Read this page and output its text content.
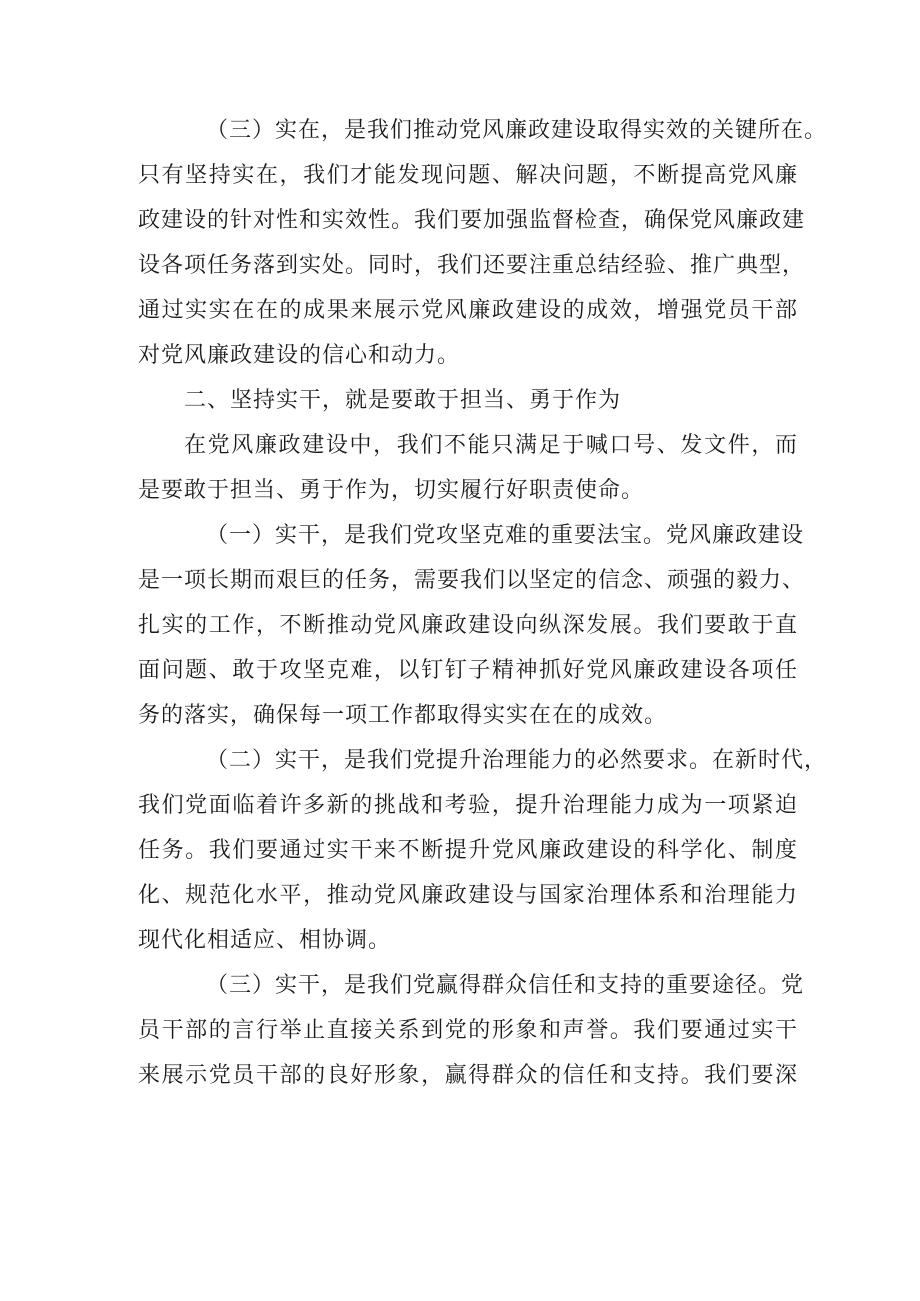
（三）实在，是我们推动党风廉政建设取得实效的关键所在。
只有坚持实在，我们才能发现问题、解决问题，不断提高党风廉
政建设的针对性和实效性。我们要加强监督检查，确保党风廉政建
设各项任务落到实处。同时，我们还要注重总结经验、推广典型，
通过实实在在的成果来展示党风廉政建设的成效，增强党员干部
对党风廉政建设的信心和动力。
二、坚持实干，就是要敢于担当、勇于作为
在党风廉政建设中，我们不能只满足于喊口号、发文件，而
是要敢于担当、勇于作为，切实履行好职责使命。
（一）实干，是我们党攻坚克难的重要法宝。党风廉政建设
是一项长期而艰巨的任务，需要我们以坚定的信念、顽强的毅力、
扎实的工作，不断推动党风廉政建设向纵深发展。我们要敢于直
面问题、敢于攻坚克难，以钉钉子精神抓好党风廉政建设各项任
务的落实，确保每一项工作都取得实实在在的成效。
（二）实干，是我们党提升治理能力的必然要求。在新时代，
我们党面临着许多新的挑战和考验，提升治理能力成为一项紧迫
任务。我们要通过实干来不断提升党风廉政建设的科学化、制度
化、规范化水平，推动党风廉政建设与国家治理体系和治理能力
现代化相适应、相协调。
（三）实干，是我们党赢得群众信任和支持的重要途径。党
员干部的言行举止直接关系到党的形象和声誉。我们要通过实干
来展示党员干部的良好形象，赢得群众的信任和支持。我们要深
